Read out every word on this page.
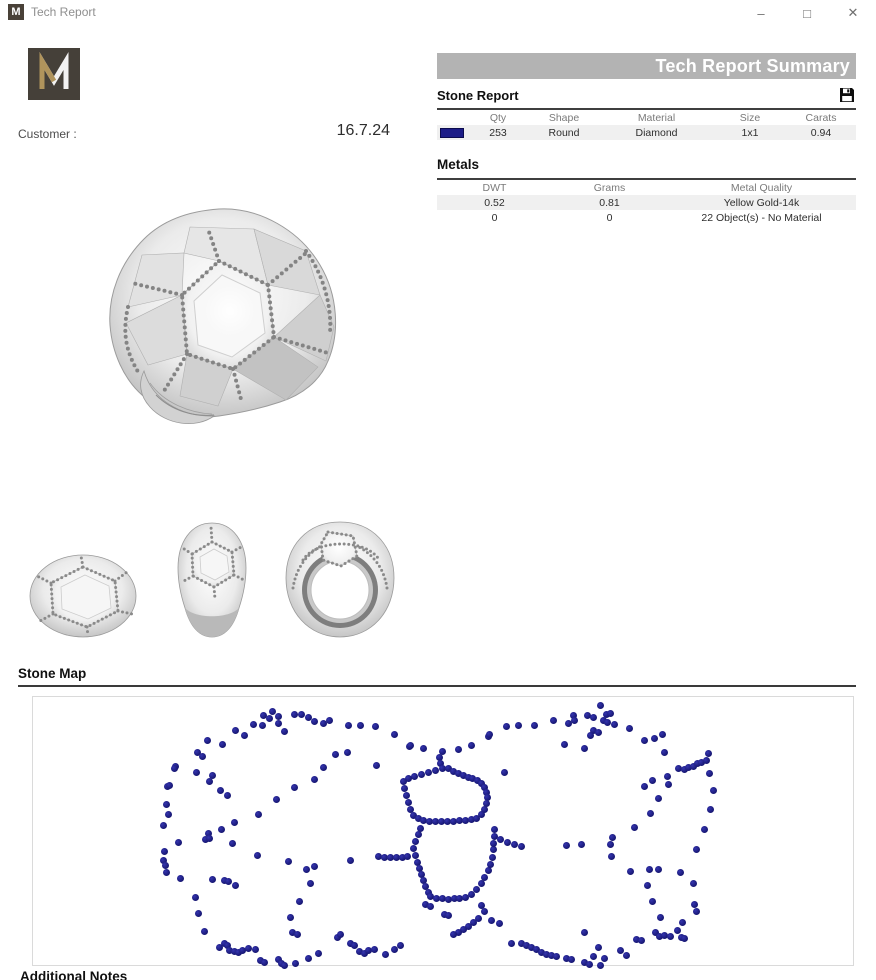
M Tech Report	–	□	✕
Customer :	16.7.24
Tech Report Summary
Stone Report
Qty	Shape	Material	Size	Carats
253	Round	Diamond	1x1	0.94
Metals
DWT	Grams	Metal Quality
0.52	0.81	Yellow Gold-14k
0	0	22 Object(s) - No Material
Stone Map
Additional Notes
